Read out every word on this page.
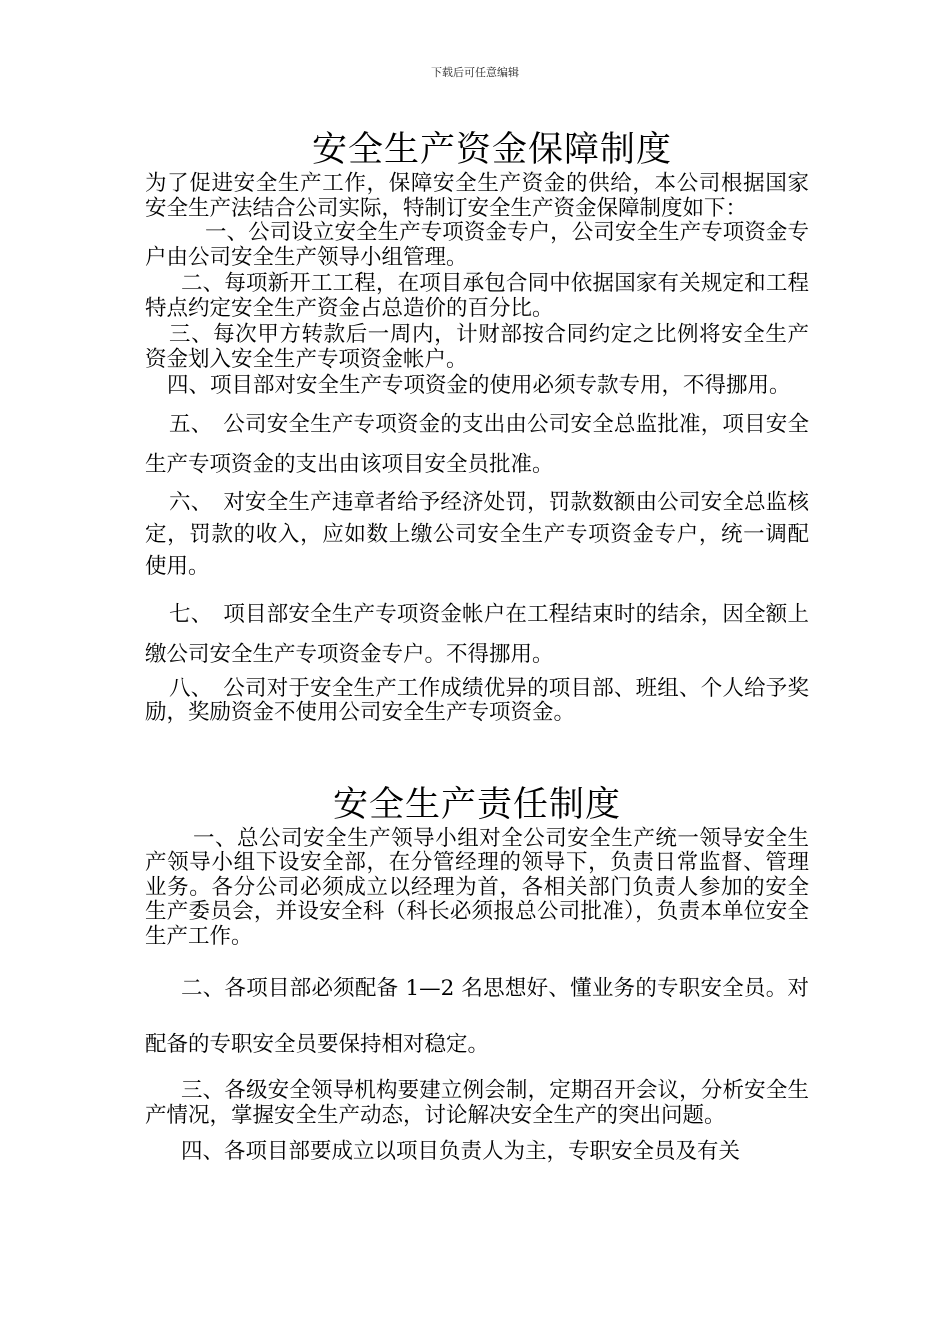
下载后可任意编辑
安全生产资金保障制度

为了促进安全生产工作，保障安全生产资金的供给，本公司根据国家安全生产法结合公司实际，特制订安全生产资金保障制度如下：

一、公司设立安全生产专项资金专户，公司安全生产专项资金专户由公司安全生产领导小组管理。

二、每项新开工工程，在项目承包合同中依据国家有关规定和工程特点约定安全生产资金占总造价的百分比。

三、每次甲方转款后一周内，计财部按合同约定之比例将安全生产资金划入安全生产专项资金帐户。

四、项目部对安全生产专项资金的使用必须专款专用，不得挪用。

五、　公司安全生产专项资金的支出由公司安全总监批准，项目安全生产专项资金的支出由该项目安全员批准。

六、　对安全生产违章者给予经济处罚，罚款数额由公司安全总监核定，罚款的收入，应如数上缴公司安全生产专项资金专户，统一调配使用。

七、　项目部安全生产专项资金帐户在工程结束时的结余，因全额上缴公司安全生产专项资金专户。不得挪用。

八、　公司对于安全生产工作成绩优异的项目部、班组、个人给予奖励，奖励资金不使用公司安全生产专项资金。

安全生产责任制度

一、总公司安全生产领导小组对全公司安全生产统一领导安全生产领导小组下设安全部，在分管经理的领导下，负责日常监督、管理业务。各分公司必须成立以经理为首，各相关部门负责人参加的安全生产委员会，并设安全科（科长必须报总公司批准），负责本单位安全生产工作。

二、各项目部必须配备 1—2 名思想好、懂业务的专职安全员。对配备的专职安全员要保持相对稳定。

三、各级安全领导机构要建立例会制，定期召开会议，分析安全生产情况，掌握安全生产动态，讨论解决安全生产的突出问题。

四、各项目部要成立以项目负责人为主，专职安全员及有关
